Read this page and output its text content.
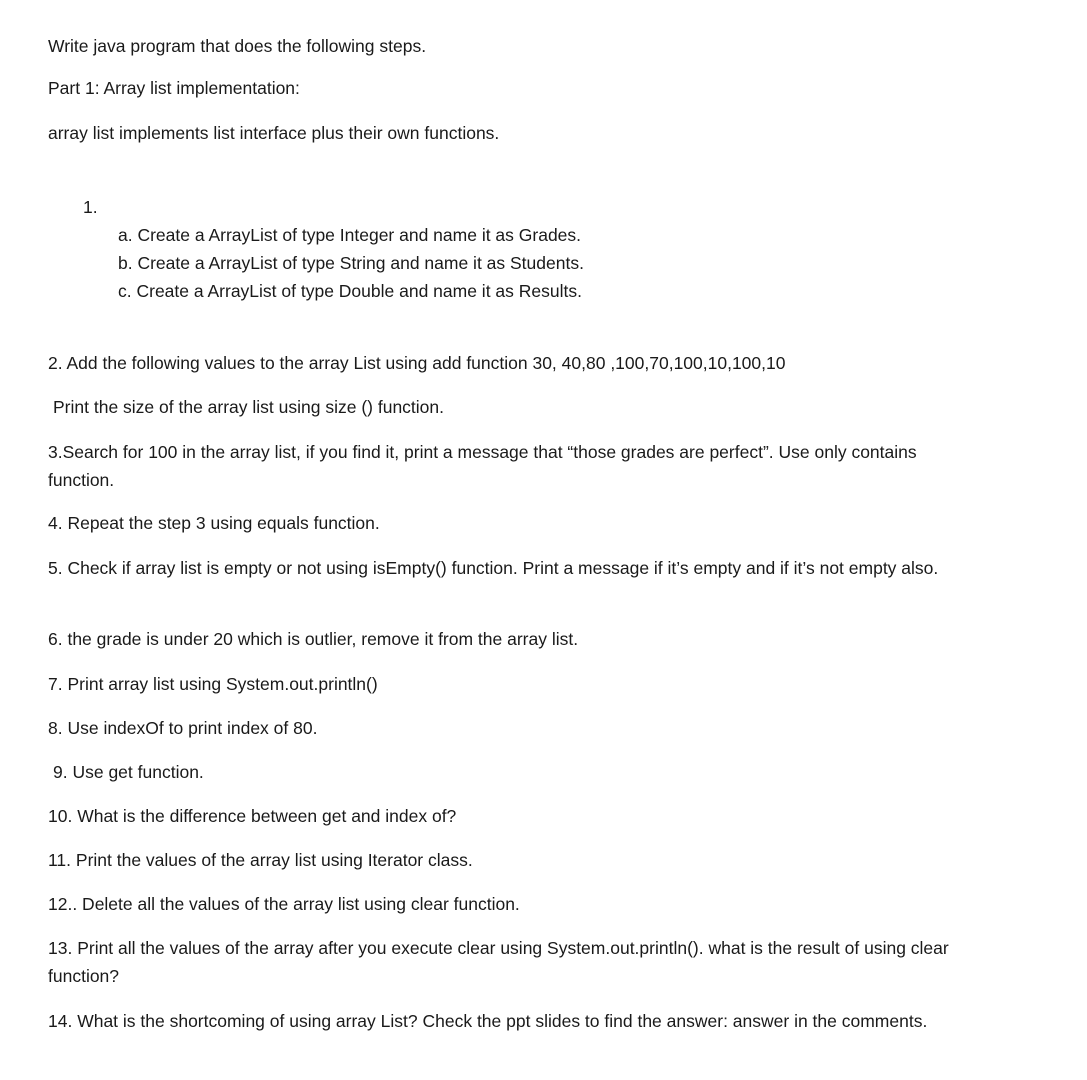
Write java program that does the following steps.

Part 1: Array list implementation:

array list implements list interface plus their own functions.

1.

a. Create a ArrayList of type Integer and name it as Grades.

b. Create a ArrayList of type String and name it as Students.

c. Create a ArrayList of type Double and name it as Results.

2. Add the following values to the array List using add function 30, 40,80 ,100,70,100,10,100,10

Print the size of the array list using size () function.

3.Search for 100 in the array list, if you find it, print a message that “those grades are perfect”. Use only contains function.

4. Repeat the step 3 using equals function.

5. Check if array list is empty or not using isEmpty() function. Print a message if it’s empty and if it’s not empty also.

6. the grade is under 20 which is outlier, remove it from the array list.

7. Print array list using System.out.println()

8. Use indexOf to print index of 80.

9. Use get function.

10. What is the difference between get and index of?

11. Print the values of the array list using Iterator class.

12.. Delete all the values of the array list using clear function.

13. Print all the values of the array after you execute clear using System.out.println(). what is the result of using clear function?

14. What is the shortcoming of using array List? Check the ppt slides to find the answer: answer in the comments.
